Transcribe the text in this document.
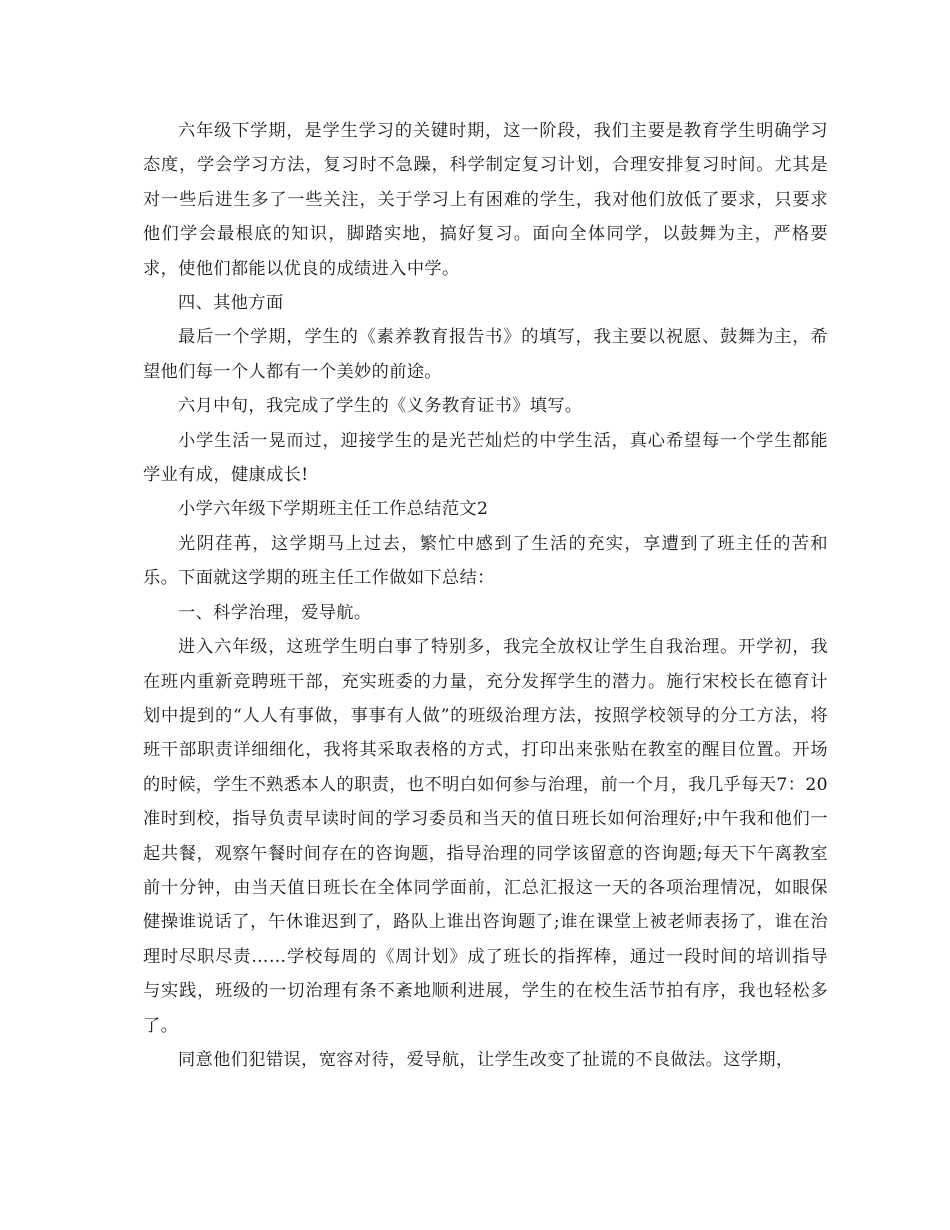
六年级下学期，是学生学习的关键时期，这一阶段，我们主要是教育学生明确学习态度，学会学习方法，复习时不急躁，科学制定复习计划，合理安排复习时间。尤其是对一些后进生多了一些关注，关于学习上有困难的学生，我对他们放低了要求，只要求他们学会最根底的知识，脚踏实地，搞好复习。面向全体同学，以鼓舞为主，严格要求，使他们都能以优良的成绩进入中学。

四、其他方面

最后一个学期，学生的《素养教育报告书》的填写，我主要以祝愿、鼓舞为主，希望他们每一个人都有一个美妙的前途。

六月中旬，我完成了学生的《义务教育证书》填写。

小学生活一晃而过，迎接学生的是光芒灿烂的中学生活，真心希望每一个学生都能学业有成，健康成长!

小学六年级下学期班主任工作总结范文2

光阴荏苒，这学期马上过去，繁忙中感到了生活的充实，享遭到了班主任的苦和乐。下面就这学期的班主任工作做如下总结：

一、科学治理，爱导航。

进入六年级，这班学生明白事了特别多，我完全放权让学生自我治理。开学初，我在班内重新竞聘班干部，充实班委的力量，充分发挥学生的潜力。施行宋校长在德育计划中提到的“人人有事做，事事有人做”的班级治理方法，按照学校领导的分工方法，将班干部职责详细细化，我将其采取表格的方式，打印出来张贴在教室的醒目位置。开场的时候，学生不熟悉本人的职责，也不明白如何参与治理，前一个月，我几乎每天7：20准时到校，指导负责早读时间的学习委员和当天的值日班长如何治理好;中午我和他们一起共餐，观察午餐时间存在的咨询题，指导治理的同学该留意的咨询题;每天下午离教室前十分钟，由当天值日班长在全体同学面前，汇总汇报这一天的各项治理情况，如眼保健操谁说话了，午休谁迟到了，路队上谁出咨询题了;谁在课堂上被老师表扬了，谁在治理时尽职尽责……学校每周的《周计划》成了班长的指挥棒，通过一段时间的培训指导与实践，班级的一切治理有条不紊地顺利进展，学生的在校生活节拍有序，我也轻松多了。

同意他们犯错误，宽容对待，爱导航，让学生改变了扯谎的不良做法。这学期，
